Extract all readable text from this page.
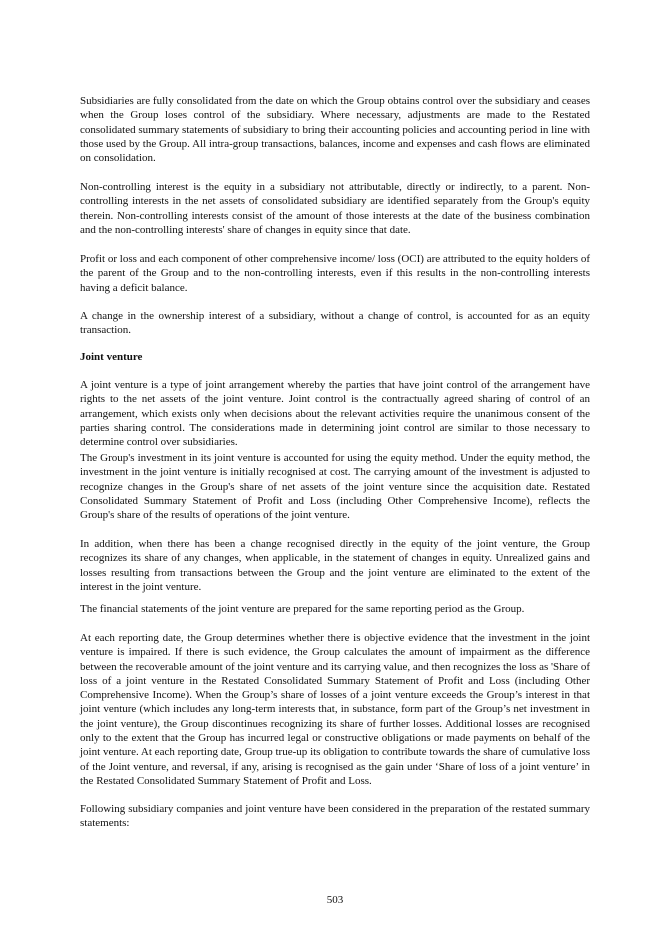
Subsidiaries are fully consolidated from the date on which the Group obtains control over the subsidiary and ceases when the Group loses control of the subsidiary. Where necessary, adjustments are made to the Restated consolidated summary statements of subsidiary to bring their accounting policies and accounting period in line with those used by the Group. All intra-group transactions, balances, income and expenses and cash flows are eliminated on consolidation.

Non-controlling interest is the equity in a subsidiary not attributable, directly or indirectly, to a parent. Non-controlling interests in the net assets of consolidated subsidiary are identified separately from the Group's equity therein. Non-controlling interests consist of the amount of those interests at the date of the business combination and the non-controlling interests' share of changes in equity since that date.

Profit or loss and each component of other comprehensive income/ loss (OCI) are attributed to the equity holders of the parent of the Group and to the non-controlling interests, even if this results in the non-controlling interests having a deficit balance.

A change in the ownership interest of a subsidiary, without a change of control, is accounted for as an equity transaction.

Joint venture

A joint venture is a type of joint arrangement whereby the parties that have joint control of the arrangement have rights to the net assets of the joint venture. Joint control is the contractually agreed sharing of control of an arrangement, which exists only when decisions about the relevant activities require the unanimous consent of the parties sharing control. The considerations made in determining joint control are similar to those necessary to determine control over subsidiaries.

The Group's investment in its joint venture is accounted for using the equity method. Under the equity method, the investment in the joint venture is initially recognised at cost. The carrying amount of the investment is adjusted to recognize changes in the Group's share of net assets of the joint venture since the acquisition date. Restated Consolidated Summary Statement of Profit and Loss (including Other Comprehensive Income), reflects the Group's share of the results of operations of the joint venture.

In addition, when there has been a change recognised directly in the equity of the joint venture, the Group recognizes its share of any changes, when applicable, in the statement of changes in equity. Unrealized gains and losses resulting from transactions between the Group and the joint venture are eliminated to the extent of the interest in the joint venture.

The financial statements of the joint venture are prepared for the same reporting period as the Group.

At each reporting date, the Group determines whether there is objective evidence that the investment in the joint venture is impaired. If there is such evidence, the Group calculates the amount of impairment as the difference between the recoverable amount of the joint venture and its carrying value, and then recognizes the loss as 'Share of loss of a joint venture in the Restated Consolidated Summary Statement of Profit and Loss (including Other Comprehensive Income). When the Group’s share of losses of a joint venture exceeds the Group’s interest in that joint venture (which includes any long-term interests that, in substance, form part of the Group’s net investment in the joint venture), the Group discontinues recognizing its share of further losses. Additional losses are recognised only to the extent that the Group has incurred legal or constructive obligations or made payments on behalf of the joint venture. At each reporting date, Group true-up its obligation to contribute towards the share of cumulative loss of the Joint venture, and reversal, if any, arising is recognised as the gain under ‘Share of loss of a joint venture’ in the Restated Consolidated Summary Statement of Profit and Loss.

Following subsidiary companies and joint venture have been considered in the preparation of the restated summary statements:

503
